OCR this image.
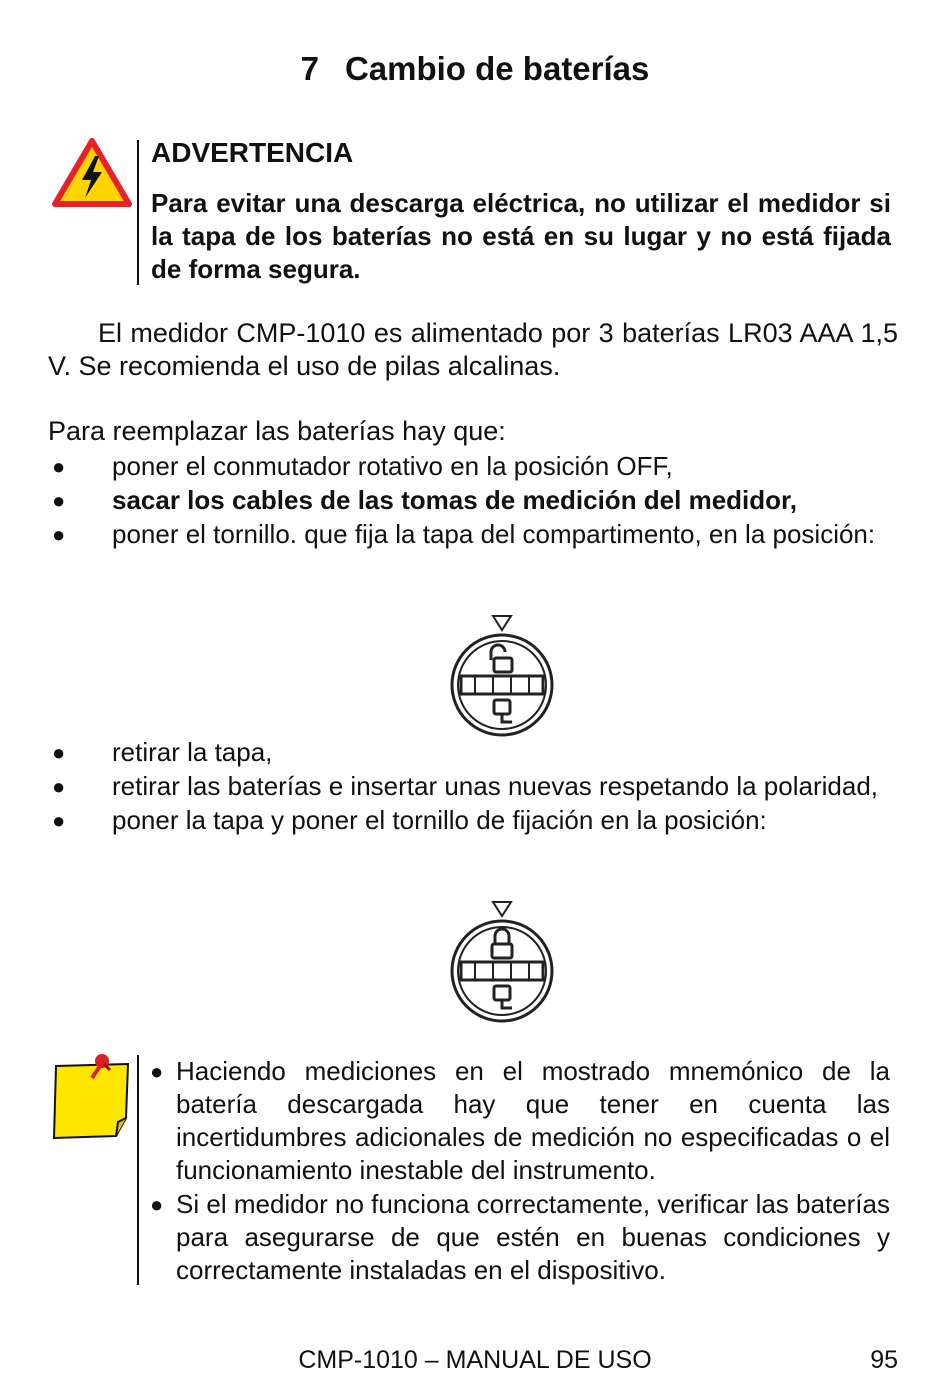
7 Cambio de baterías
ADVERTENCIA
Para evitar una descarga eléctrica, no utilizar el medidor si la tapa de los baterías no está en su lugar y no está fijada de forma segura.
El medidor CMP-1010 es alimentado por 3 baterías LR03 AAA 1,5 V. Se recomienda el uso de pilas alcalinas.
Para reemplazar las baterías hay que:
● poner el conmutador rotativo en la posición OFF,
● sacar los cables de las tomas de medición del medidor,
● poner el tornillo. que fija la tapa del compartimento, en la posición:
● retirar la tapa,
● retirar las baterías e insertar unas nuevas respetando la polaridad,
● poner la tapa y poner el tornillo de fijación en la posición:
● Haciendo mediciones en el mostrado mnemónico de la batería descargada hay que tener en cuenta las incertidumbres adicionales de medición no especificadas o el funcionamiento inestable del instrumento.
● Si el medidor no funciona correctamente, verificar las baterías para asegurarse de que estén en buenas condiciones y correctamente instaladas en el dispositivo.
CMP-1010 – MANUAL DE USO	95
